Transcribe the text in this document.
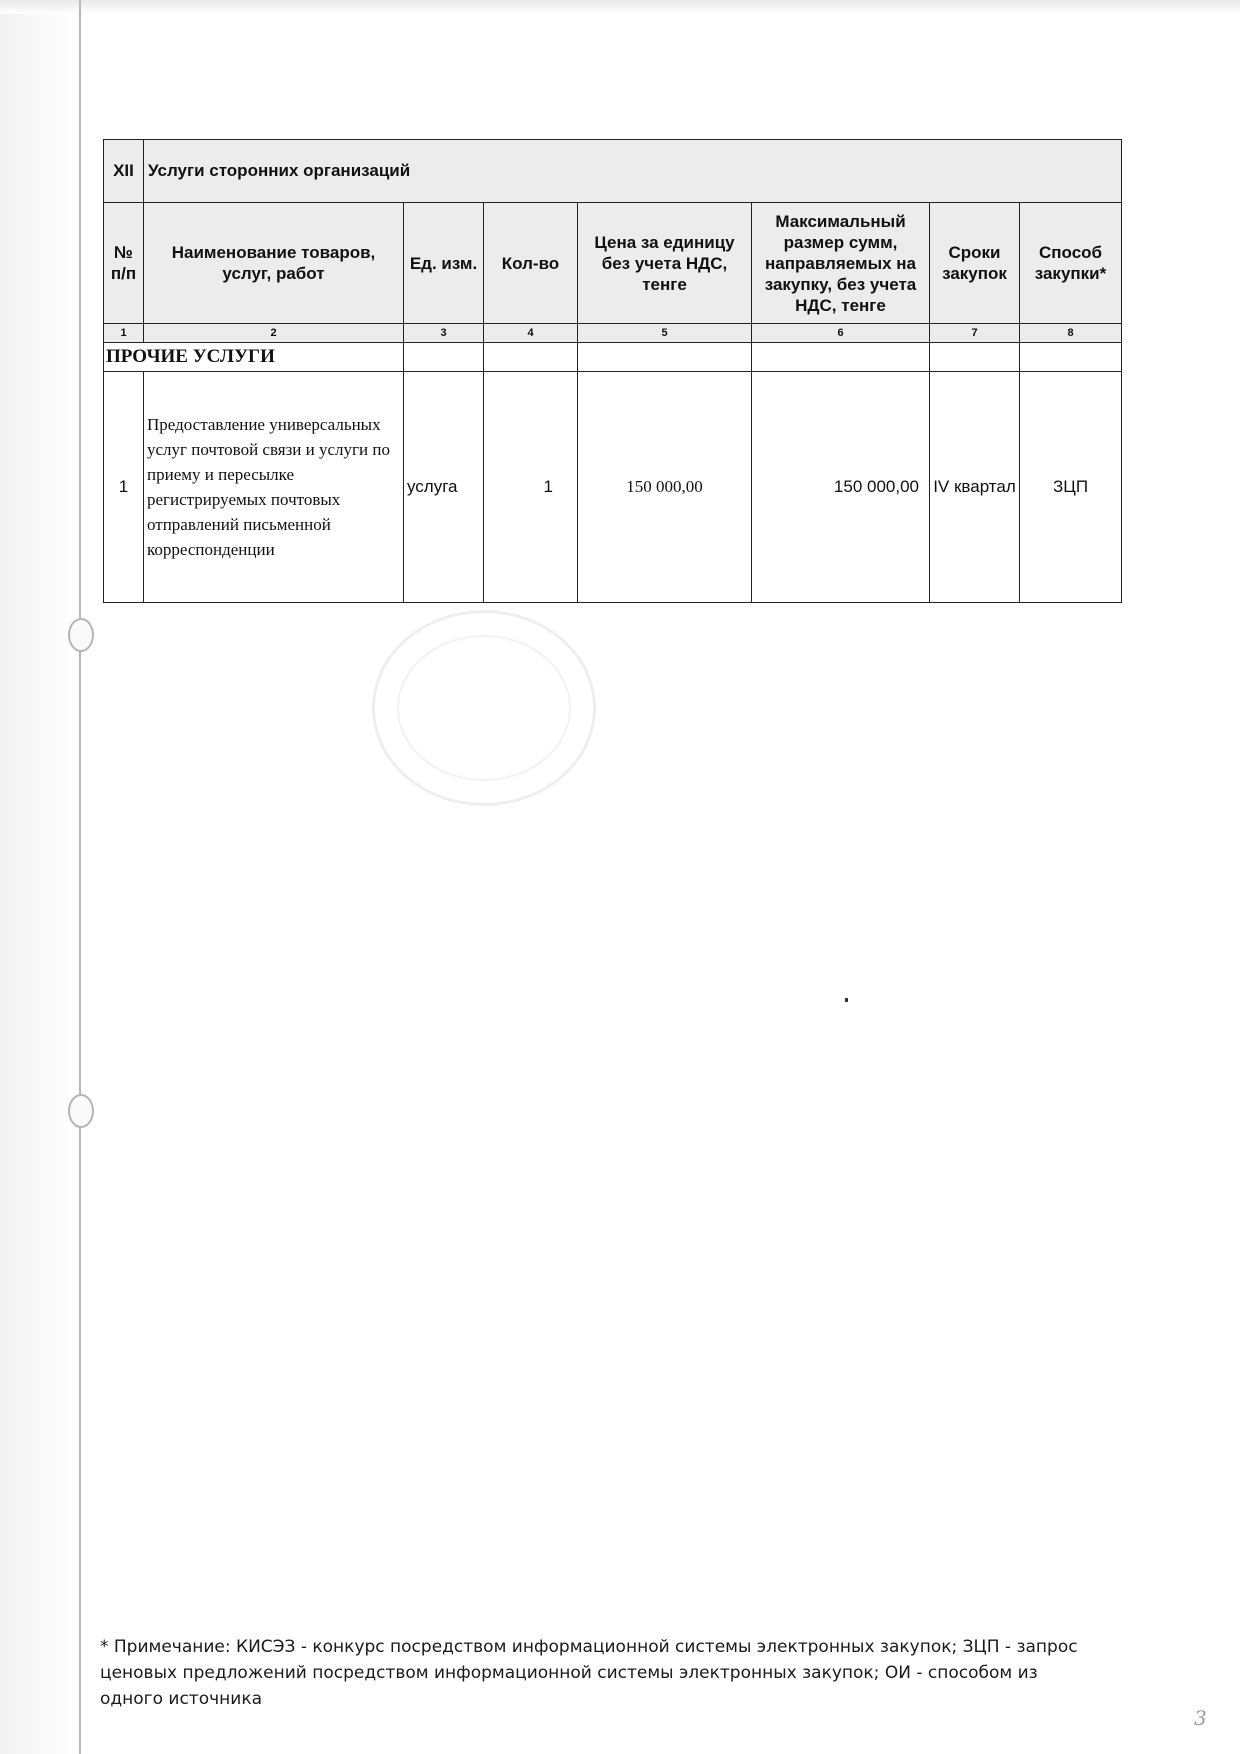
XII	Услуги сторонних организаций						
№ п/п	Наименование товаров, услуг, работ	Ед. изм.	Кол-во	Цена за единицу без учета НДС, тенге	Максимальный размер сумм, направляемых на закупку, без учета НДС, тенге	Сроки закупок	Способ закупки*
1	2	3	4	5	6	7	8
ПРОЧИЕ УСЛУГИ							
1	Предоставление универсальных услуг почтовой связи и услуги по приему и пересылке регистрируемых почтовых отправлений письменной корреспонденции	услуга	1	150 000,00	150 000,00	IV квартал	ЗЦП
* Примечание: КИСЭЗ - конкурс посредством информационной системы электронных закупок; ЗЦП - запрос ценовых предложений посредством информационной системы электронных закупок; ОИ - способом из одного источника
3
